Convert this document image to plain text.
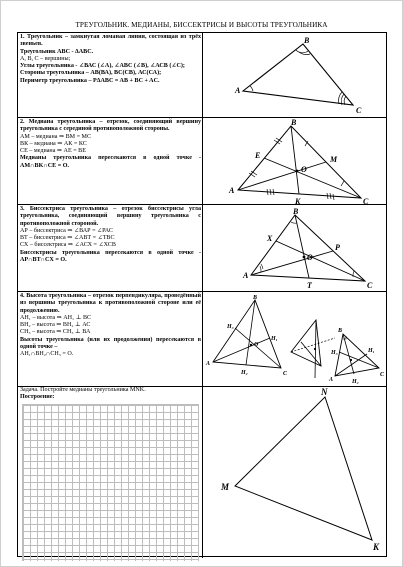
ТРЕУГОЛЬНИК. МЕДИАНЫ, БИССЕКТРИСЫ И ВЫСОТЫ ТРЕУГОЛЬНИКА
1. Треугольник – замкнутая ломаная линия, состоящая из трёх звеньев.
Треугольник АВС - ∆АВС.
А, В, С – вершины;
Углы треугольника - ∠ВАС (∠А), ∠АВС (∠В), ∠АСВ (∠С);
Стороны треугольника – АВ(ВА), ВС(СВ), АС(СА);
Периметр треугольника – P∆ABC = AB + BC + AC.
A
B
C
2. Медиана треугольника – отрезок, соединяющий вершину треугольника с серединой противоположной стороны.
АМ – медиана ⇒ ВМ = МС
ВК – медиана ⇒ АК = КС
СЕ – медиана ⇒ АЕ = ВЕ
Медианы треугольника пересекаются в одной точке - AM∩BK∩CE = O.
A
B
C
E	M
K
O
3. Биссектриса треугольника – отрезок биссектрисы угла треугольника, соединяющий вершину треугольника с противоположной стороной.
АР – биссектриса ⇒ ∠ВАР = ∠РАС
ВТ – биссектриса ⇒ ∠АВТ = ∠ТВС
СХ – биссектриса ⇒ ∠АСХ = ∠ХСВ
Биссектрисы треугольника пересекаются в одной точке - AP∩BT∩CX = O.
A
B
C
X
P
T
O
4. Высота треугольника – отрезок перпендикуляра, проведённый из вершины треугольника к противоположной стороне или её продолжению.
АН₁ – высота ⇒ АН₁ ⊥ ВС
ВН₂ – высота ⇒ ВН₂ ⊥ АС
СН₃ – высота ⇒ СН₃ ⊥ ВА
Высоты треугольника (или их продолжения) пересекаются в одной точке –
AH₁∩BH₂∩CH₃ = O.
A
B
C
H₁
H₂
H₃
O
A
B
C
H₁
H₂
H₃
Задача. Постройте медианы треугольника MNK.
Построение:
M
N
K
